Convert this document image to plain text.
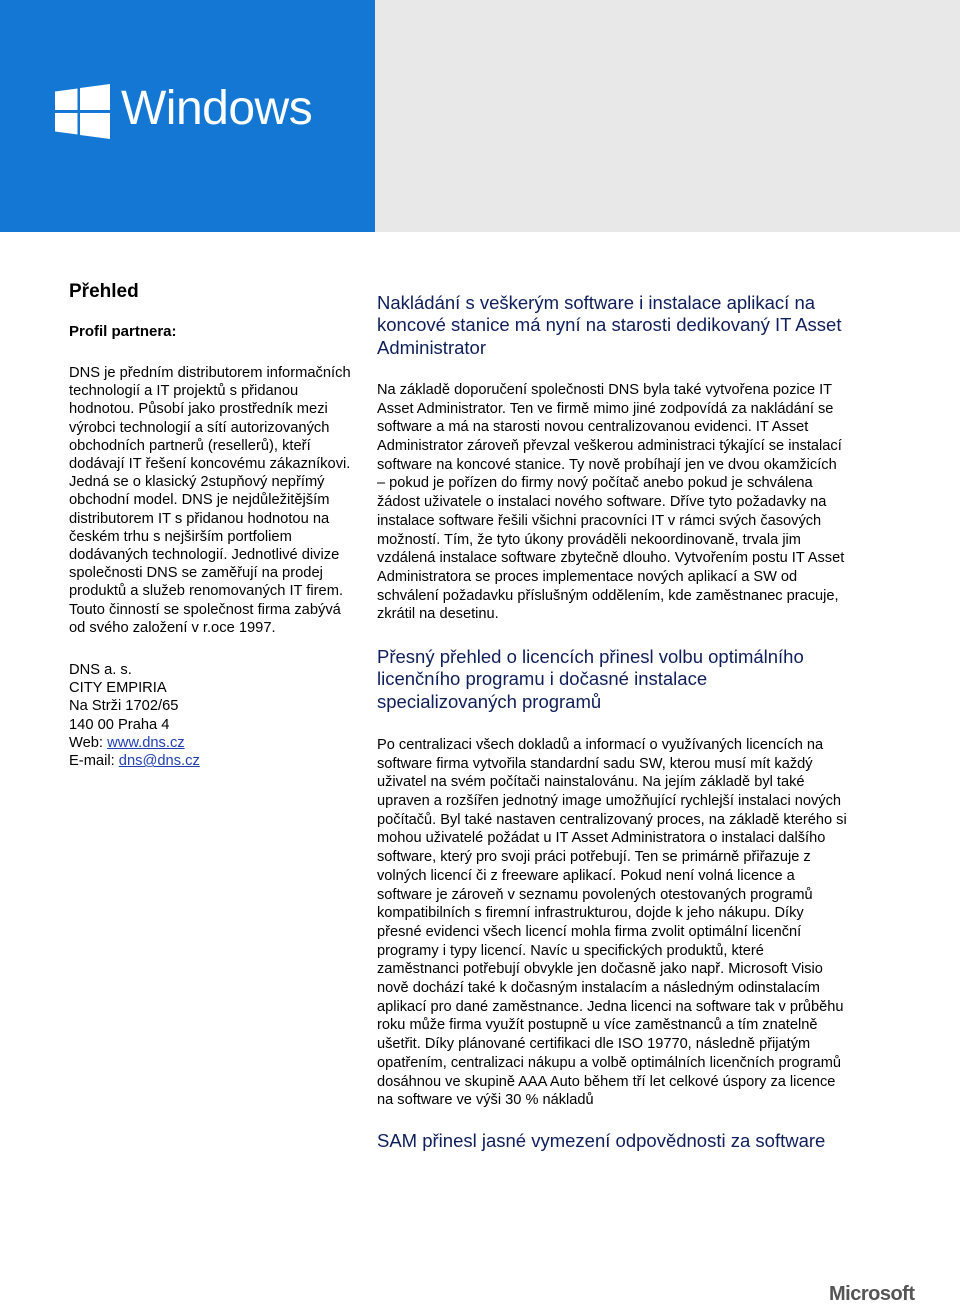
Windows
Přehled
Profil partnera:

DNS je předním distributorem informačních technologií a IT projektů s přidanou hodnotou. Působí jako prostředník mezi výrobci technologií a sítí autorizovaných obchodních partnerů (resellerů), kteří dodávají IT řešení koncovému zákazníkovi. Jedná se o klasický 2stupňový nepřímý obchodní model. DNS je nejdůležitějším distributorem IT s přidanou hodnotou na českém trhu s nejširším portfoliem dodávaných technologií. Jednotlivé divize společnosti DNS se zaměřují na prodej produktů a služeb renomovaných IT firem. Touto činností se společnost firma zabývá od svého založení v r.oce 1997.

DNS a. s.
CITY EMPIRIA
Na Strži 1702/65
140 00 Praha 4
Web: www.dns.cz
E-mail: dns@dns.cz
Nakládání s veškerým software i instalace aplikací na koncové stanice má nyní na starosti dedikovaný IT Asset Administrator

Na základě doporučení společnosti DNS byla také vytvořena pozice IT Asset Administrator. Ten ve firmě mimo jiné zodpovídá za nakládání se software a má na starosti novou centralizovanou evidenci. IT Asset Administrator zároveň převzal veškerou administraci týkající se instalací software na koncové stanice. Ty nově probíhají jen ve dvou okamžicích – pokud je pořízen do firmy nový počítač anebo pokud je schválena žádost uživatele o instalaci nového software. Dříve tyto požadavky na instalace software řešili všichni pracovníci IT v rámci svých časových možností. Tím, že tyto úkony prováděli nekoordinovaně, trvala jim vzdálená instalace software zbytečně dlouho. Vytvořením postu IT Asset Administratora se proces implementace nových aplikací a SW od schválení požadavku příslušným oddělením, kde zaměstnanec pracuje, zkrátil na desetinu.

Přesný přehled o licencích přinesl volbu optimálního licenčního programu i dočasné instalace specializovaných programů

Po centralizaci všech dokladů a informací o využívaných licencích na software firma vytvořila standardní sadu SW, kterou musí mít každý uživatel na svém počítači nainstalovánu. Na jejím základě byl také upraven a rozšířen jednotný image umožňující rychlejší instalaci nových počítačů. Byl také nastaven centralizovaný proces, na základě kterého si mohou uživatelé požádat u IT Asset Administratora o instalaci dalšího software, který pro svoji práci potřebují. Ten se primárně přiřazuje z volných licencí či z freeware aplikací. Pokud není volná licence a software je zároveň v seznamu povolených otestovaných programů kompatibilních s firemní infrastrukturou, dojde k jeho nákupu. Díky přesné evidenci všech licencí mohla firma zvolit optimální licenční programy i typy licencí. Navíc u specifických produktů, které zaměstnanci potřebují obvykle jen dočasně jako např. Microsoft Visio nově dochází také k dočasným instalacím a následným odinstalacím aplikací pro dané zaměstnance. Jedna licenci na software tak v průběhu roku může firma využít postupně u více zaměstnanců a tím znatelně ušetřit. Díky plánované certifikaci dle ISO 19770, následně přijatým opatřením, centralizaci nákupu a volbě optimálních licenčních programů dosáhnou ve skupině AAA Auto během tří let celkové úspory za licence na software ve výši 30 % nákladů

SAM přinesl jasné vymezení odpovědnosti za software
Microsoft
